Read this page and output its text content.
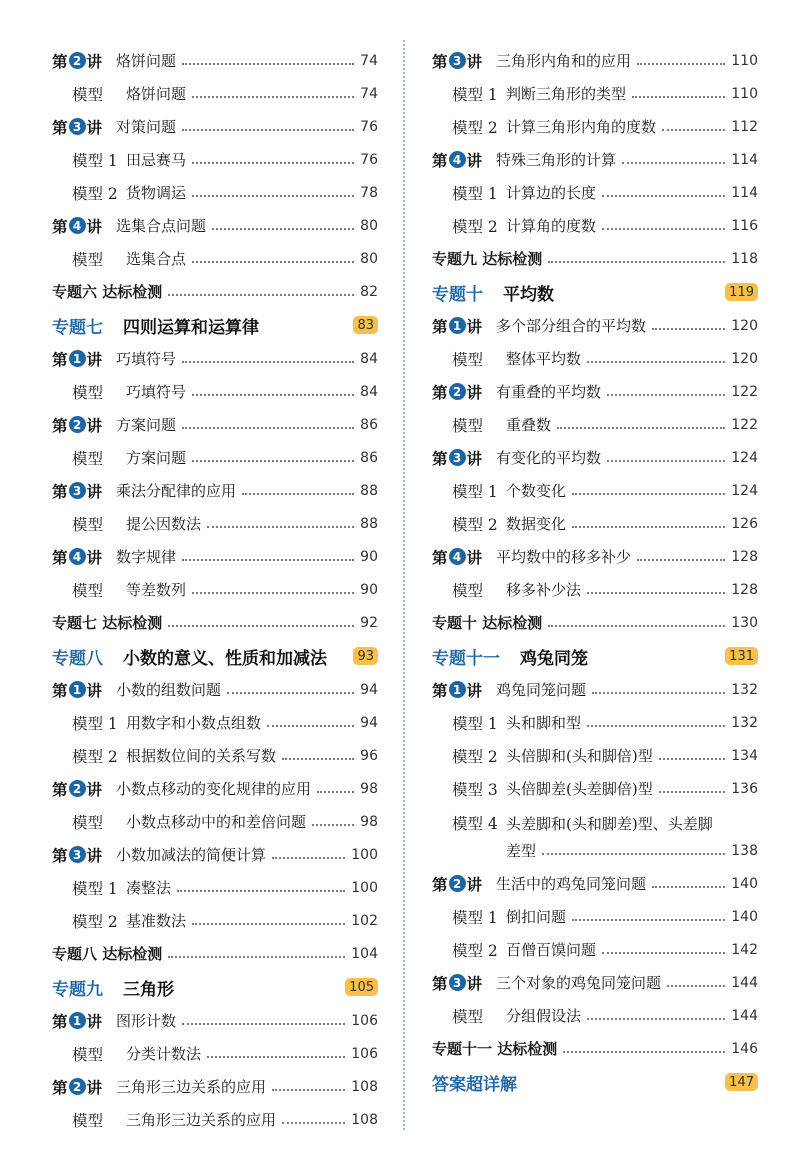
第 2 讲 烙饼问题	74
模型	烙饼问题	74
第 3 讲 对策问题	76
模型 1 田忌赛马	76
模型 2 货物调运	78
第 4 讲 选集合点问题	80
模型	选集合点	80
专题六 达标检测	82
专题七 四则运算和运算律	83
第 1 讲 巧填符号	84
模型	巧填符号	84
第 2 讲 方案问题	86
模型	方案问题	86
第 3 讲 乘法分配律的应用	88
模型	提公因数法	88
第 4 讲 数字规律	90
模型	等差数列	90
专题七 达标检测	92
专题八 小数的意义、性质和加减法	93
第 1 讲 小数的组数问题	94
模型 1 用数字和小数点组数	94
模型 2 根据数位间的关系写数	96
第 2 讲 小数点移动的变化规律的应用	98
模型	小数点移动中的和差倍问题	98
第 3 讲 小数加减法的简便计算	100
模型 1 凑整法	100
模型 2 基准数法	102
专题八 达标检测	104
专题九 三角形	105
第 1 讲 图形计数	106
模型	分类计数法	106
第 2 讲 三角形三边关系的应用	108
模型	三角形三边关系的应用	108
第 3 讲 三角形内角和的应用	110
模型 1 判断三角形的类型	110
模型 2 计算三角形内角的度数	112
第 4 讲 特殊三角形的计算	114
模型 1 计算边的长度	114
模型 2 计算角的度数	116
专题九 达标检测	118
专题十 平均数	119
第 1 讲 多个部分组合的平均数	120
模型	整体平均数	120
第 2 讲 有重叠的平均数	122
模型	重叠数	122
第 3 讲 有变化的平均数	124
模型 1 个数变化	124
模型 2 数据变化	126
第 4 讲 平均数中的移多补少	128
模型	移多补少法	128
专题十 达标检测	130
专题十一 鸡兔同笼	131
第 1 讲 鸡兔同笼问题	132
模型 1 头和脚和型	132
模型 2 头倍脚和(头和脚倍)型	134
模型 3 头倍脚差(头差脚倍)型	136
模型 4 头差脚和(头和脚差)型、头差脚
差型	138
第 2 讲 生活中的鸡兔同笼问题	140
模型 1 倒扣问题	140
模型 2 百僧百馍问题	142
第 3 讲 三个对象的鸡兔同笼问题	144
模型	分组假设法	144
专题十一 达标检测	146
答案超详解	147
